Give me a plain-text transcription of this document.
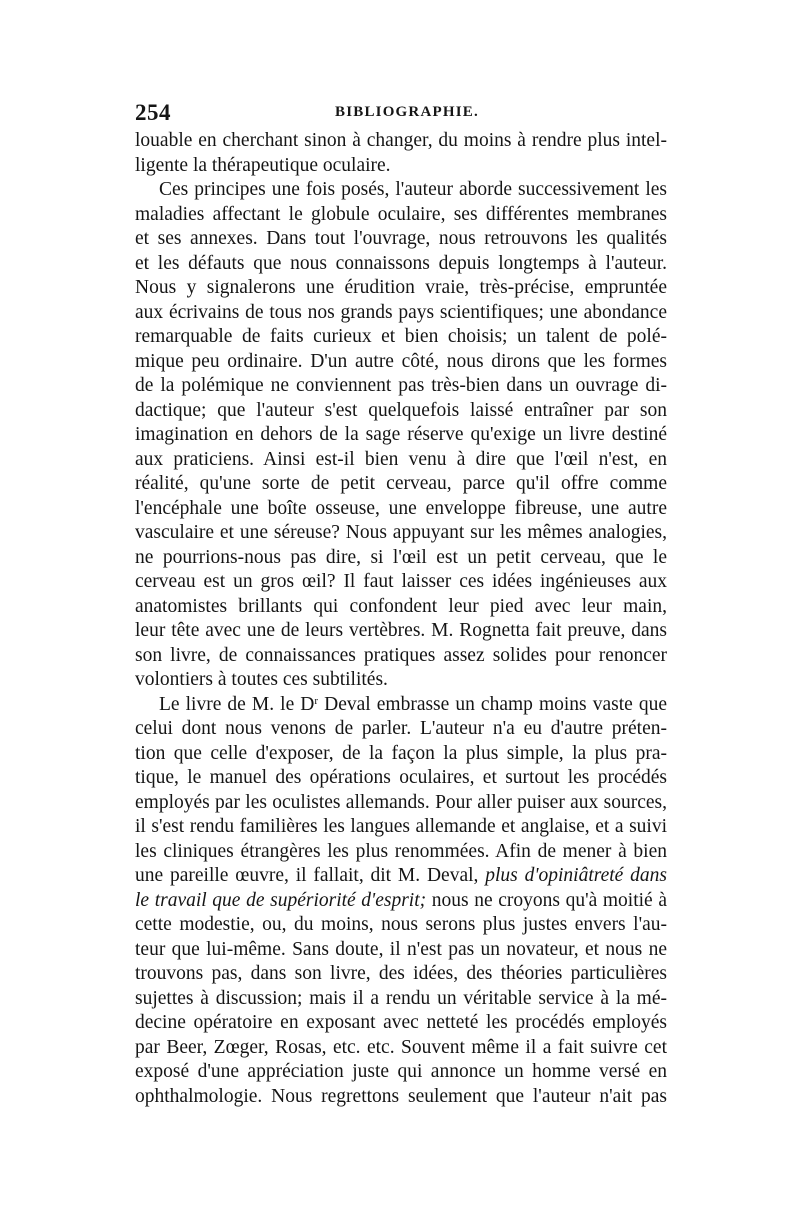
254	BIBLIOGRAPHIE.
louable en cherchant sinon à changer, du moins à rendre plus intel-
ligente la thérapeutique oculaire.
Ces principes une fois posés, l'auteur aborde successivement les
maladies affectant le globule oculaire, ses différentes membranes
et ses annexes. Dans tout l'ouvrage, nous retrouvons les qualités
et les défauts que nous connaissons depuis longtemps à l'auteur.
Nous y signalerons une érudition vraie, très-précise, empruntée
aux écrivains de tous nos grands pays scientifiques; une abondance
remarquable de faits curieux et bien choisis; un talent de polé-
mique peu ordinaire. D'un autre côté, nous dirons que les formes
de la polémique ne conviennent pas très-bien dans un ouvrage di-
dactique; que l'auteur s'est quelquefois laissé entraîner par son
imagination en dehors de la sage réserve qu'exige un livre destiné
aux praticiens. Ainsi est-il bien venu à dire que l'œil n'est, en
réalité, qu'une sorte de petit cerveau, parce qu'il offre comme
l'encéphale une boîte osseuse, une enveloppe fibreuse, une autre
vasculaire et une séreuse? Nous appuyant sur les mêmes analogies,
ne pourrions-nous pas dire, si l'œil est un petit cerveau, que le
cerveau est un gros œil? Il faut laisser ces idées ingénieuses aux
anatomistes brillants qui confondent leur pied avec leur main,
leur tête avec une de leurs vertèbres. M. Rognetta fait preuve, dans
son livre, de connaissances pratiques assez solides pour renoncer
volontiers à toutes ces subtilités.
Le livre de M. le $D^r$ Deval embrasse un champ moins vaste que
celui dont nous venons de parler. L'auteur n'a eu d'autre préten-
tion que celle d'exposer, de la façon la plus simple, la plus pra-
tique, le manuel des opérations oculaires, et surtout les procédés
employés par les oculistes allemands. Pour aller puiser aux sources,
il s'est rendu familières les langues allemande et anglaise, et a suivi
les cliniques étrangères les plus renommées. Afin de mener à bien
une pareille œuvre, il fallait, dit M. Deval, plus d'opiniâtreté dans
le travail que de supériorité d'esprit; nous ne croyons qu'à moitié à
cette modestie, ou, du moins, nous serons plus justes envers l'au-
teur que lui-même. Sans doute, il n'est pas un novateur, et nous ne
trouvons pas, dans son livre, des idées, des théories particulières
sujettes à discussion; mais il a rendu un véritable service à la mé-
decine opératoire en exposant avec netteté les procédés employés
par Beer, Zœger, Rosas, etc. etc. Souvent même il a fait suivre cet
exposé d'une appréciation juste qui annonce un homme versé en
ophthalmologie. Nous regrettons seulement que l'auteur n'ait pas
